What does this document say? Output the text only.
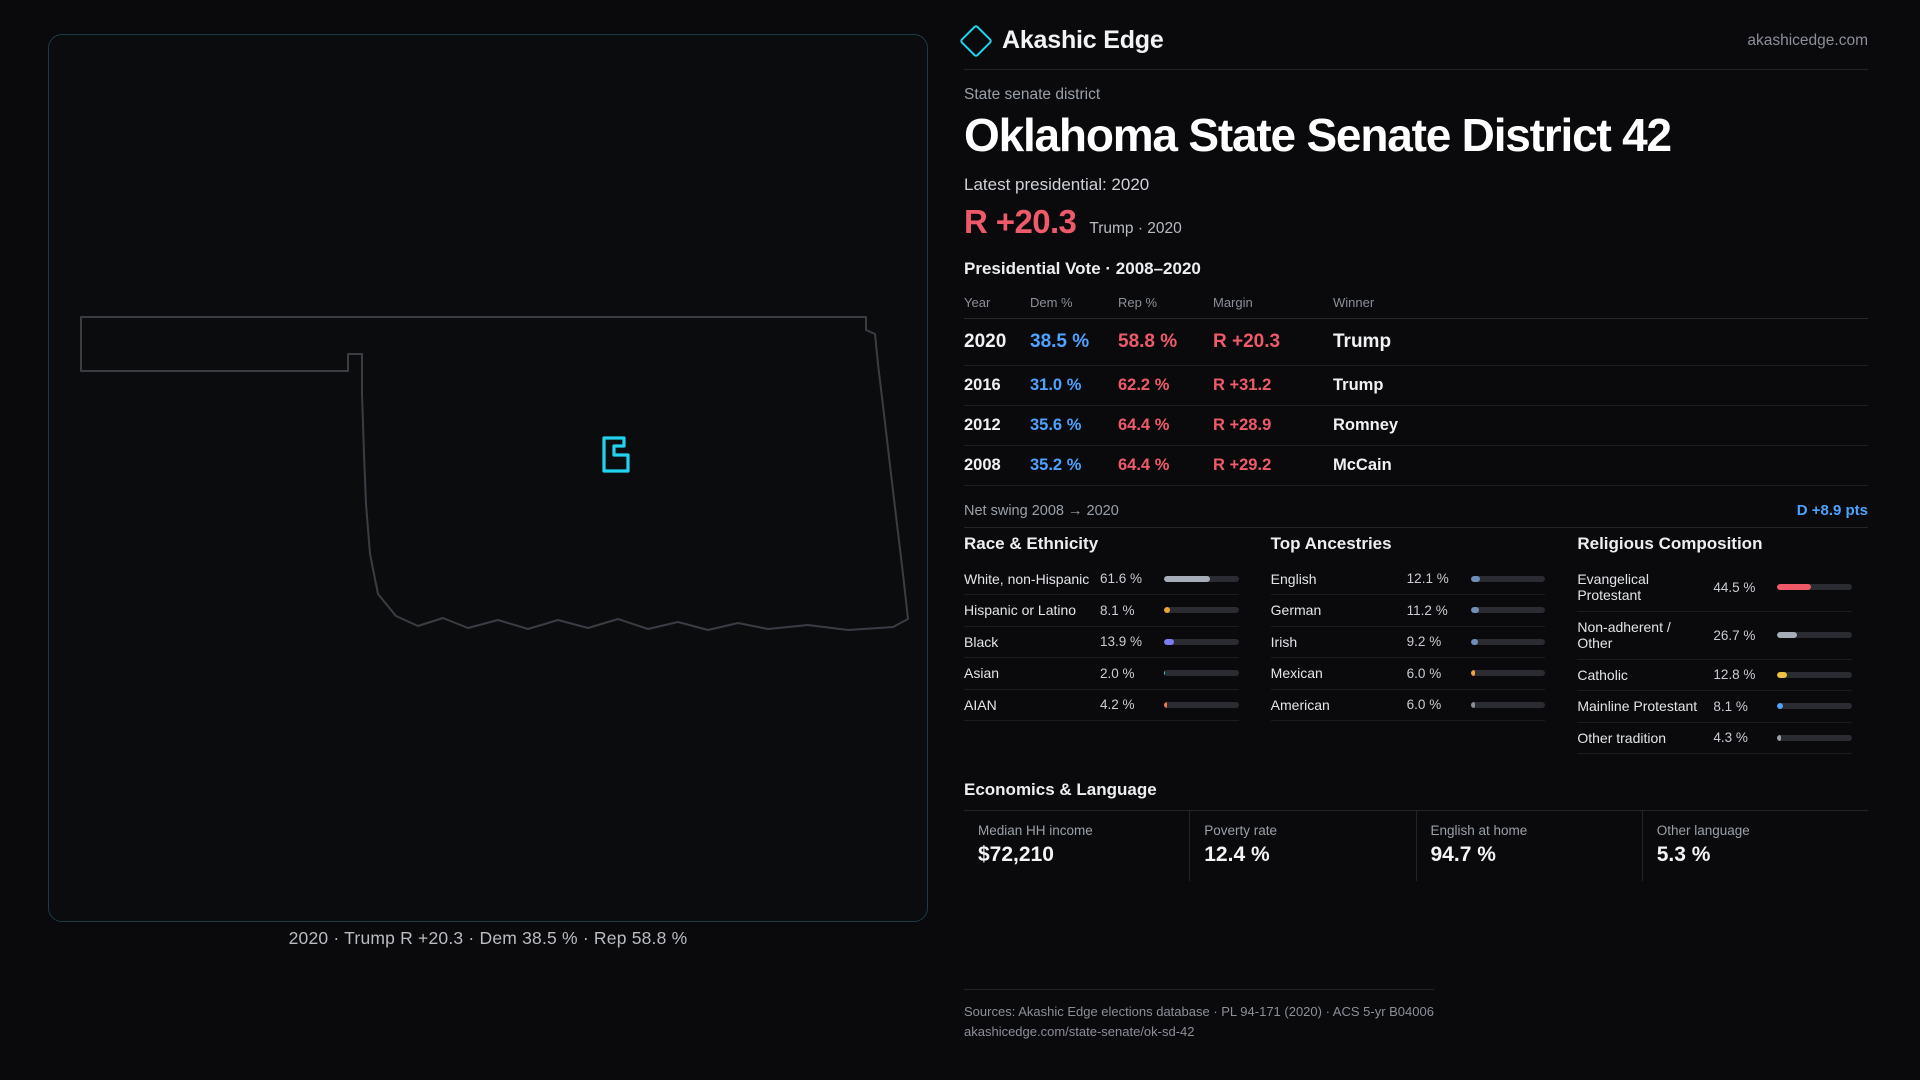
2020 · Trump R +20.3 · Dem 38.5 % · Rep 58.8 %
Akashic Edge	akashicedge.com
State senate district
Oklahoma State Senate District 42
Latest presidential: 2020
R +20.3 Trump · 2020
Presidential Vote · 2008–2020
Year	Dem %	Rep %	Margin	Winner
2020	38.5 %	58.8 %	R +20.3	Trump
2016	31.0 %	62.2 %	R +31.2	Trump
2012	35.6 %	64.4 %	R +28.9	Romney
2008	35.2 %	64.4 %	R +29.2	McCain
Net swing 2008 → 2020	D +8.9 pts
Race & Ethnicity
White, non-Hispanic 61.6 %
Hispanic or Latino	8.1 %
Black	13.9 %
Asian	2.0 %
AIAN	4.2 %
Top Ancestries
English	12.1 %
German	11.2 %
Irish	9.2 %
Mexican	6.0 %
American	6.0 %
Religious Composition
Evangelical Protestant	44.5 %
Non-adherent / Other	26.7 %
Catholic	12.8 %
Mainline Protestant	8.1 %
Other tradition	4.3 %
Economics & Language
Median HH income
$72,210
Poverty rate
12.4 %
English at home
94.7 %
Other language
5.3 %
Sources: Akashic Edge elections database · PL 94-171 (2020) · ACS 5-yr B04006
akashicedge.com/state-senate/ok-sd-42
